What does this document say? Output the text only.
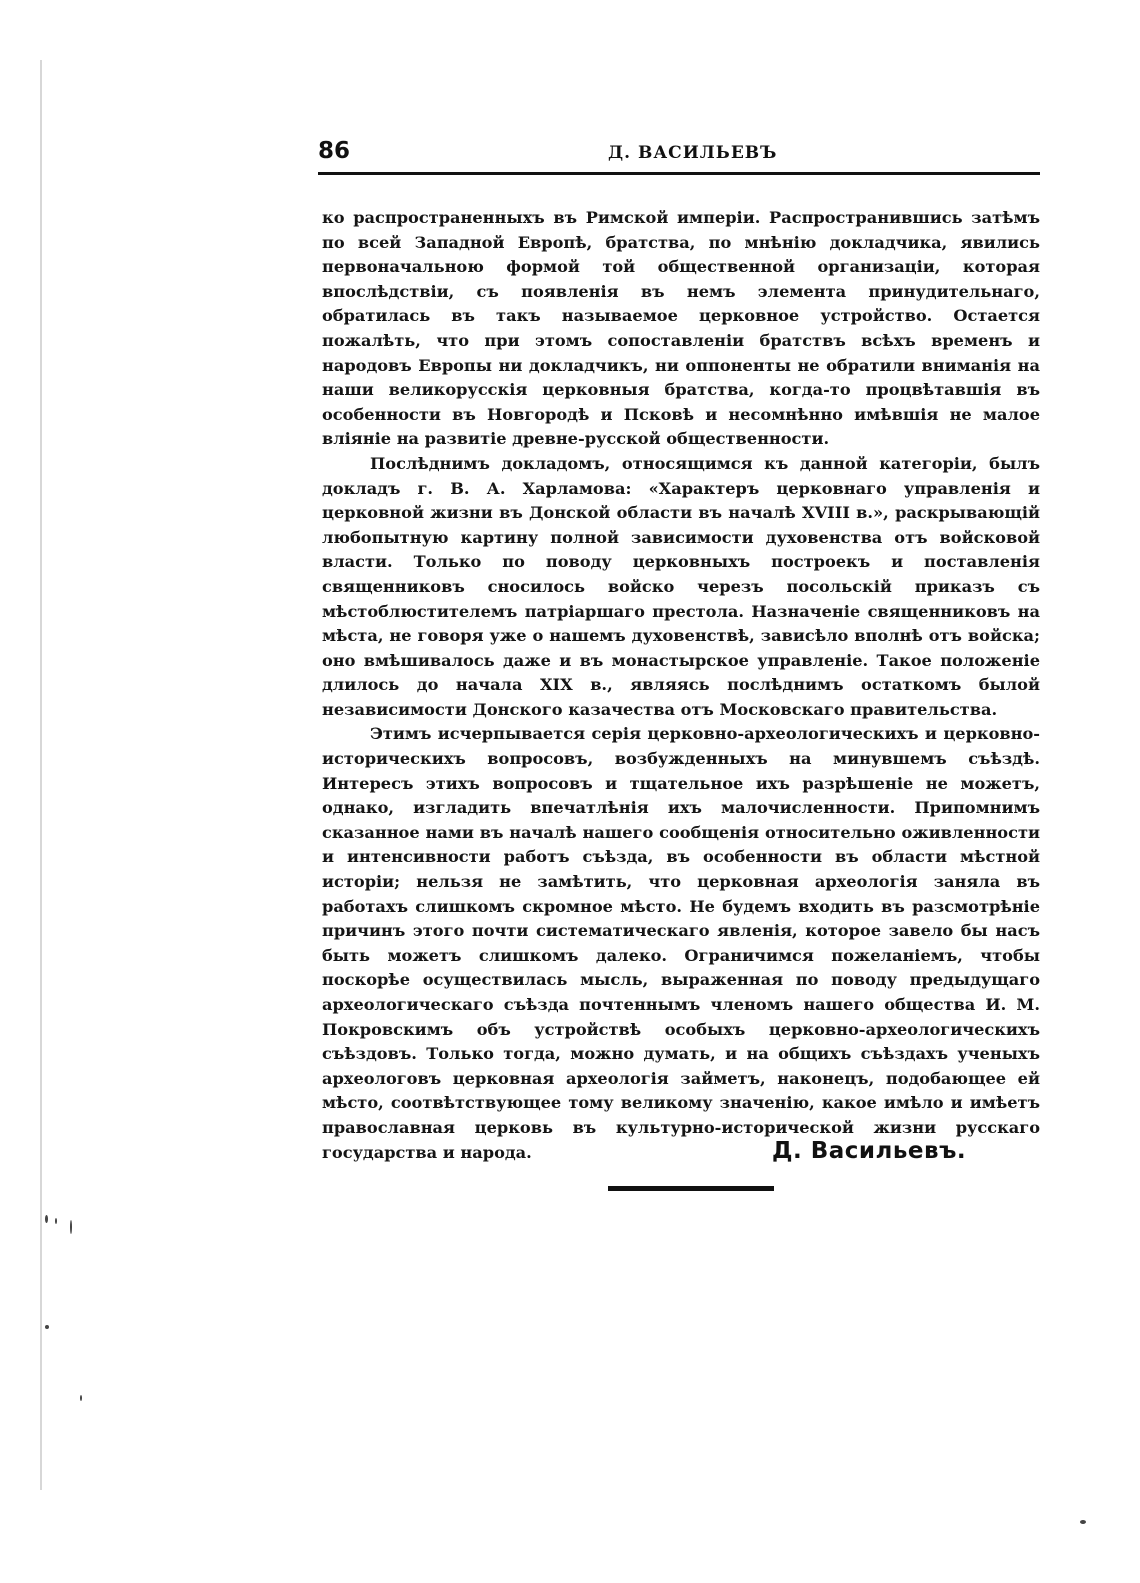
86	Д. ВАСИЛЬЕВЪ

ко распространенныхъ въ Римской имперіи. Распространившись затѣмъ по всей Западной Европѣ, братства, по мнѣнію докладчика, явились первоначальною формой той общественной организаціи, которая впослѣдствіи, съ появленія въ немъ элемента принудительнаго, обратилась въ такъ называемое церковное устройство. Остается пожалѣть, что при этомъ сопоставленіи братствъ всѣхъ временъ и народовъ Европы ни докладчикъ, ни оппоненты не обратили вниманія на наши великорусскія церковныя братства, когда-то процвѣтавшія въ особенности въ Новгородѣ и Псковѣ и несомнѣнно имѣвшія не малое вліяніе на развитіе древне-русской общественности.

Послѣднимъ докладомъ, относящимся къ данной категоріи, былъ докладъ г. В. А. Харламова: «Характеръ церковнаго управленія и церковной жизни въ Донской области въ началѣ XVIII в.», раскрывающій любопытную картину полной зависимости духовенства отъ войсковой власти. Только по поводу церковныхъ построекъ и поставленія священниковъ сносилось войско черезъ посольскій приказъ съ мѣстоблюстителемъ патріаршаго престола. Назначеніе священниковъ на мѣста, не говоря уже о нашемъ духовенствѣ, зависѣло вполнѣ отъ войска; оно вмѣшивалось даже и въ монастырское управленіе. Такое положеніе длилось до начала XIX в., являясь послѣднимъ остаткомъ былой независимости Донского казачества отъ Московскаго правительства.

Этимъ исчерпывается серія церковно-археологическихъ и церковно-историческихъ вопросовъ, возбужденныхъ на минувшемъ съѣздѣ. Интересъ этихъ вопросовъ и тщательное ихъ разрѣшеніе не можетъ, однако, изгладить впечатлѣнія ихъ малочисленности. Припомнимъ сказанное нами въ началѣ нашего сообщенія относительно оживленности и интенсивности работъ съѣзда, въ особенности въ области мѣстной исторіи; нельзя не замѣтить, что церковная археологія заняла въ работахъ слишкомъ скромное мѣсто. Не будемъ входить въ разсмотрѣніе причинъ этого почти систематическаго явленія, которое завело бы насъ быть можетъ слишкомъ далеко. Ограничимся пожеланіемъ, чтобы поскорѣе осуществилась мысль, выраженная по поводу предыдущаго археологическаго съѣзда почтеннымъ членомъ нашего общества И. М. Покровскимъ объ устройствѣ особыхъ церковно-археологическихъ съѣздовъ. Только тогда, можно думать, и на общихъ съѣздахъ ученыхъ археологовъ церковная археологія займетъ, наконецъ, подобающее ей мѣсто, соотвѣтствующее тому великому значенію, какое имѣло и имѣетъ православная церковь въ культурно-исторической жизни русскаго государства и народа.	Д. Васильевъ.
